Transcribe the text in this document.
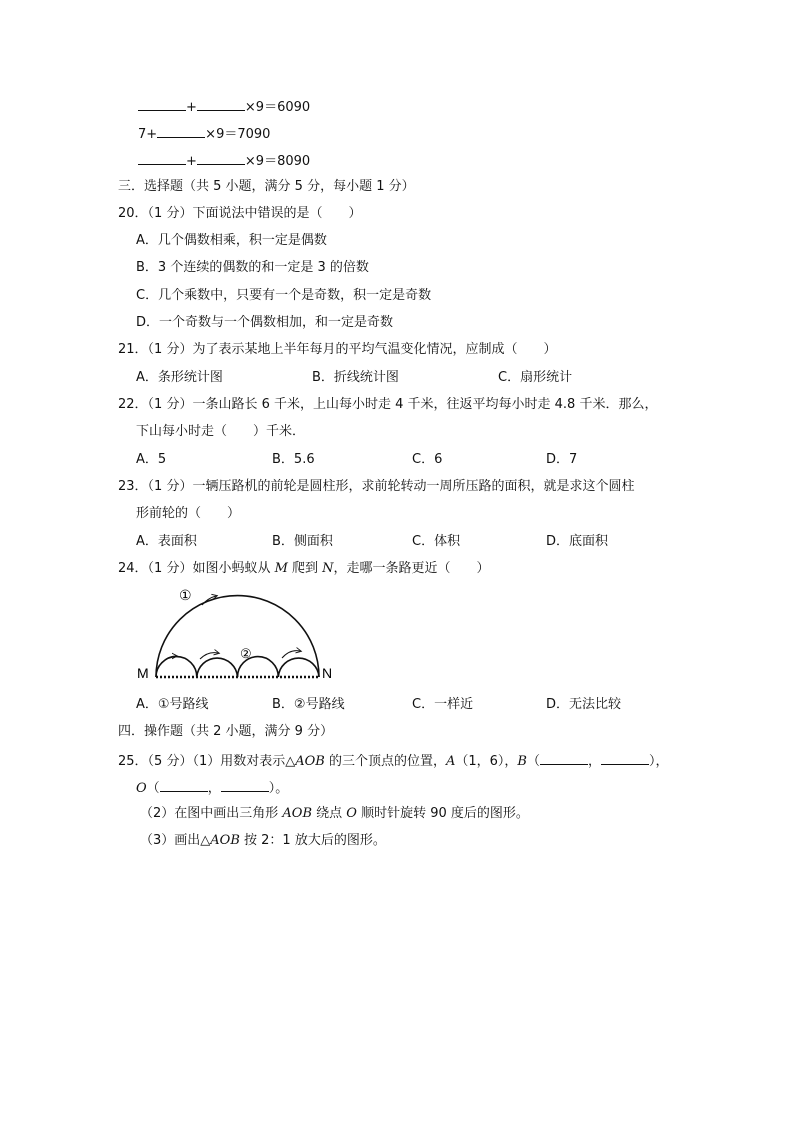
+	×9＝6090
7+	×9＝7090
+	×9＝8090
三．选择题（共 5 小题，满分 5 分，每小题 1 分）
20．（1 分）下面说法中错误的是（　　）
A．几个偶数相乘，积一定是偶数
B．3 个连续的偶数的和一定是 3 的倍数
C．几个乘数中，只要有一个是奇数，积一定是奇数
D．一个奇数与一个偶数相加，和一定是奇数
21．（1 分）为了表示某地上半年每月的平均气温变化情况，应制成（　　）
A．条形统计图	B．折线统计图	C．扇形统计
22．（1 分）一条山路长 6 千米，上山每小时走 4 千米，往返平均每小时走 4.8 千米．那么，
下山每小时走（　　）千米．
A．5	B．5.6	C．6	D．7
23．（1 分）一辆压路机的前轮是圆柱形，求前轮转动一周所压路的面积，就是求这个圆柱
形前轮的（　　）
A．表面积	B．侧面积	C．体积	D．底面积
24．（1 分）如图小蚂蚁从 M 爬到 N，走哪一条路更近（　　）
M	N
①
②
A．①号路线	B．②号路线	C．一样近	D．无法比较
四．操作题（共 2 小题，满分 9 分）
25．（5 分）（1）用数对表示△AOB 的三个顶点的位置，A（1，6），B（	，	），
O（	，	）。
（2）在图中画出三角形 AOB 绕点 O 顺时针旋转 90 度后的图形。
（3）画出△AOB 按 2：1 放大后的图形。
